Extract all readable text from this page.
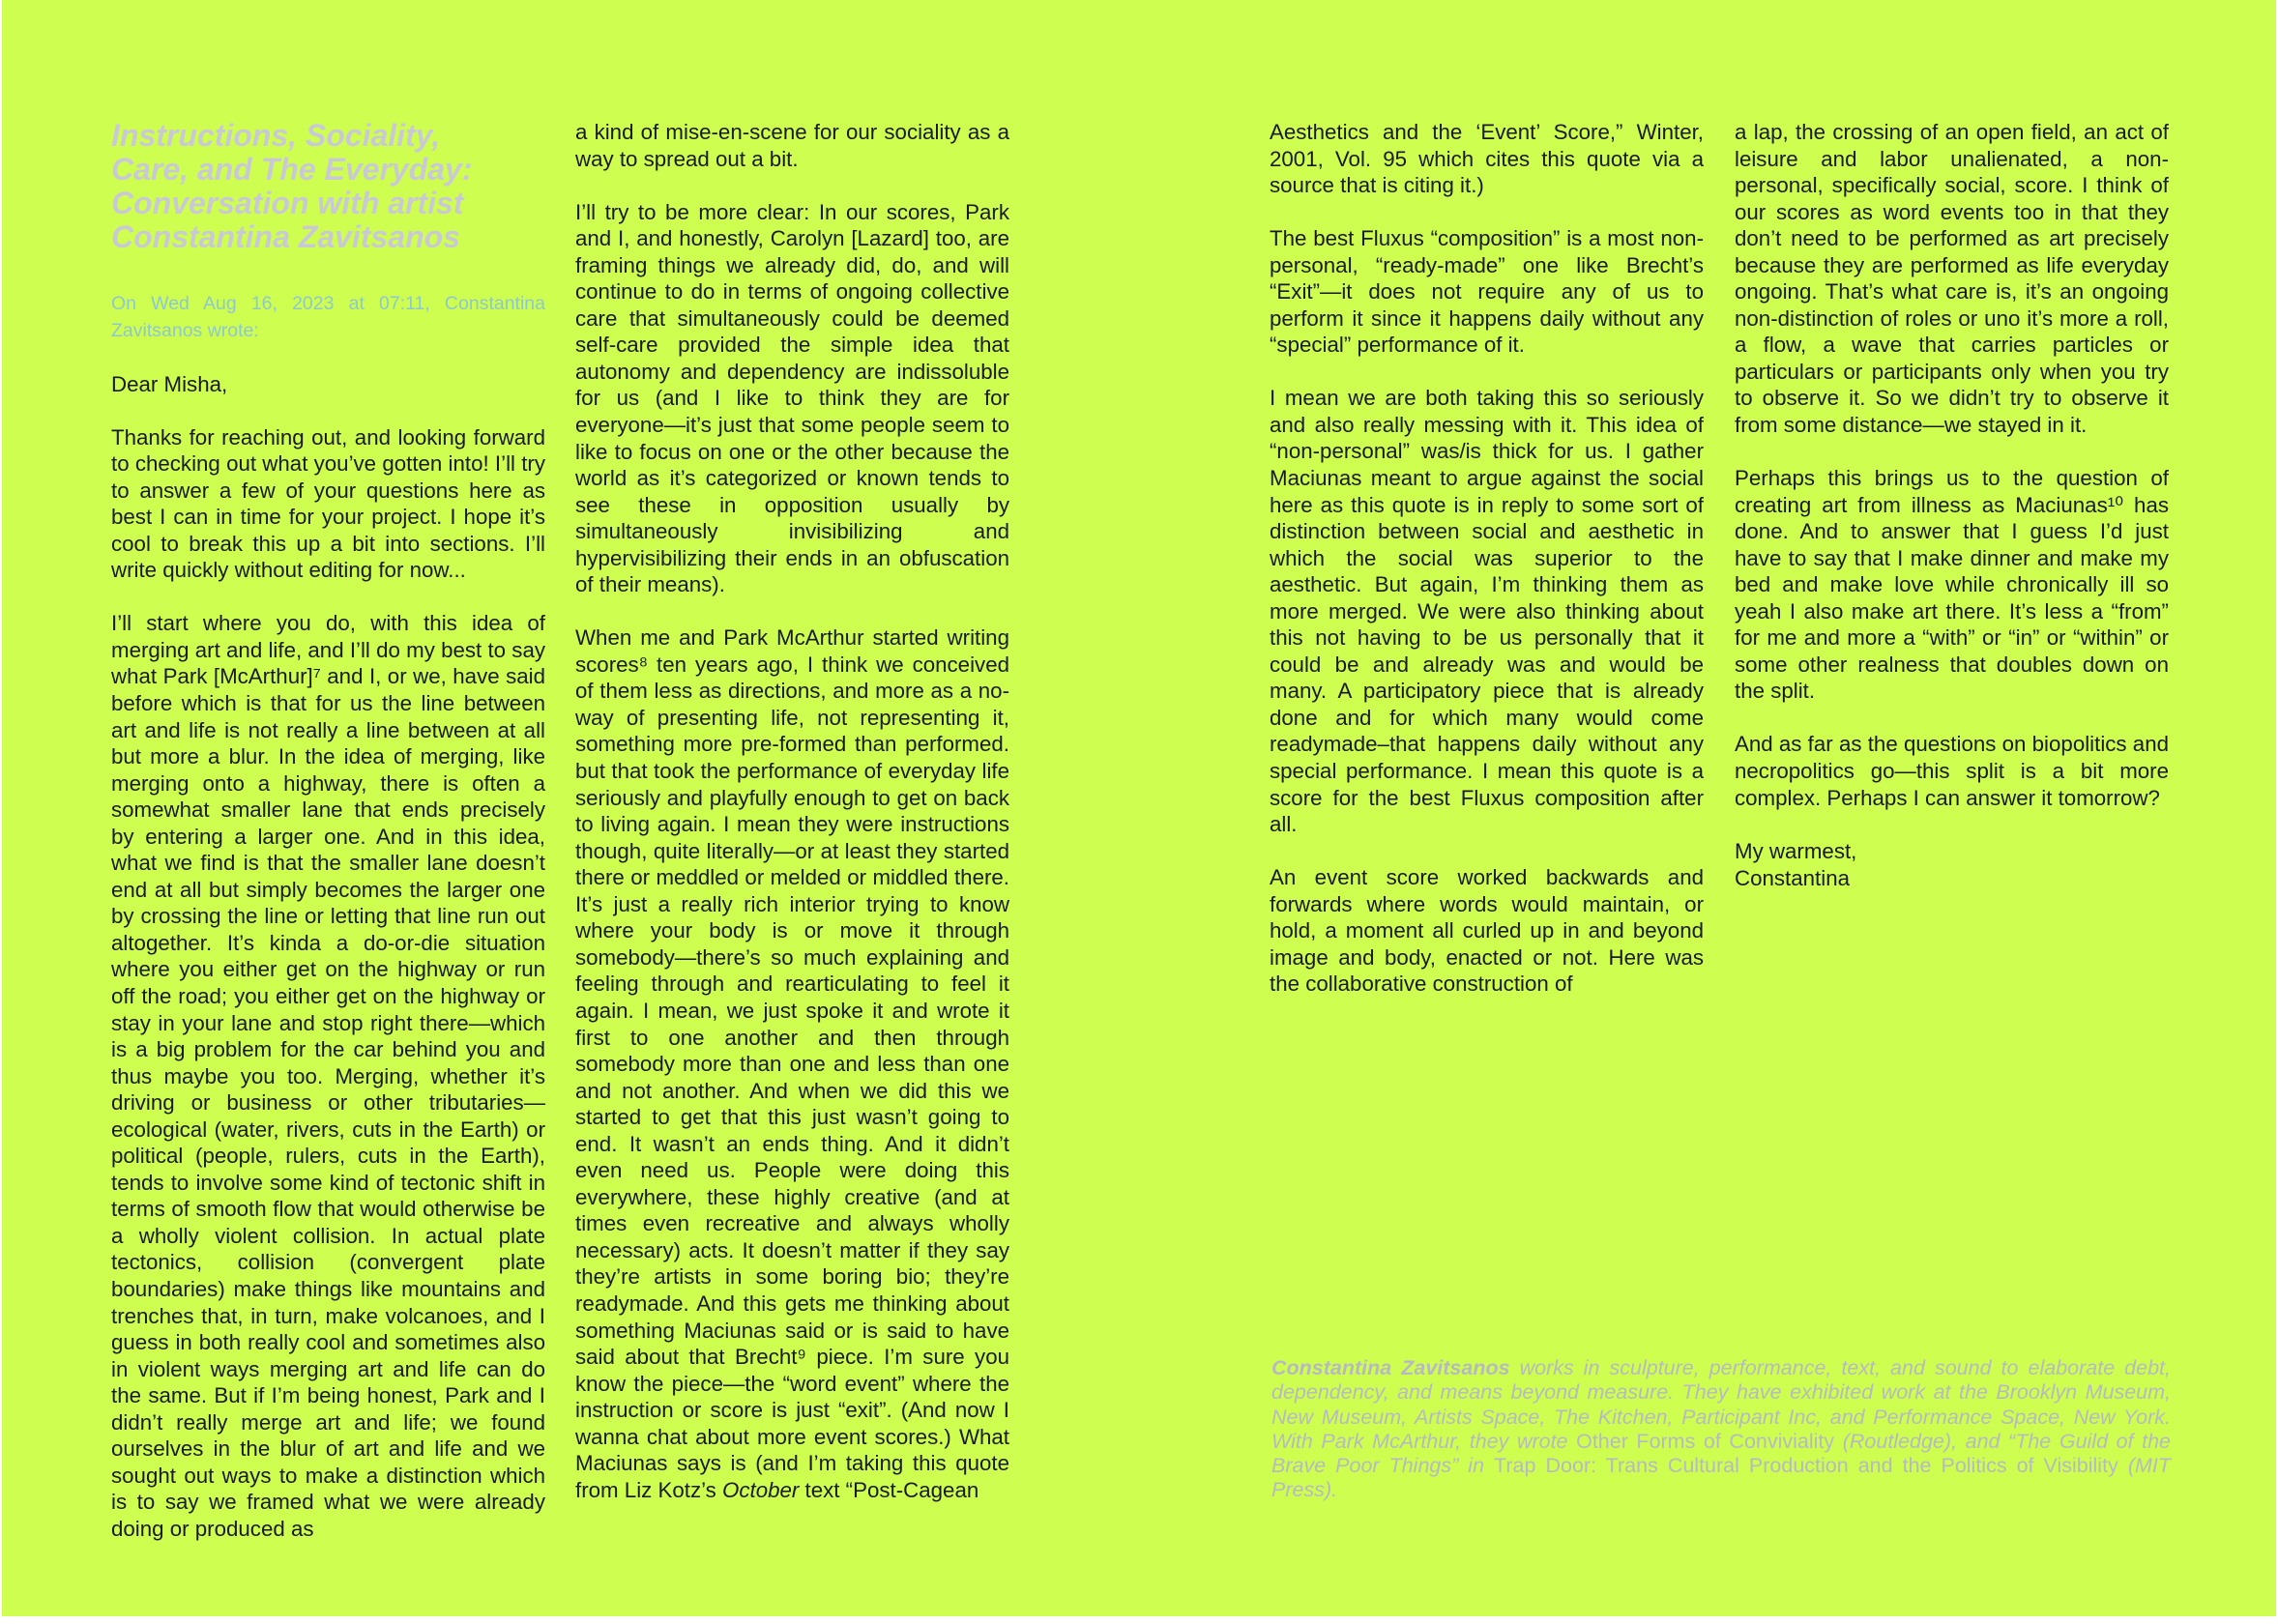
Instructions, Sociality,
Care, and The Everyday:
Conversation with artist
Constantina Zavitsanos

On Wed Aug 16, 2023 at 07:11, Constantina Zavitsanos wrote:

Dear Misha,

Thanks for reaching out, and looking forward to checking out what you’ve gotten into! I’ll try to answer a few of your questions here as best I can in time for your project. I hope it’s cool to break this up a bit into sections. I’ll write quickly without editing for now...

I’ll start where you do, with this idea of merging art and life, and I’ll do my best to say what Park [McArthur]⁷ and I, or we, have said before which is that for us the line between art and life is not really a line between at all but more a blur. In the idea of merging, like merging onto a highway, there is often a somewhat smaller lane that ends precisely by entering a larger one. And in this idea, what we find is that the smaller lane doesn’t end at all but simply becomes the larger one by crossing the line or letting that line run out altogether. It’s kinda a do-or-die situation where you either get on the highway or run off the road; you either get on the highway or stay in your lane and stop right there—which is a big problem for the car behind you and thus maybe you too. Merging, whether it’s driving or business or other tributaries—ecological (water, rivers, cuts in the Earth) or political (people, rulers, cuts in the Earth), tends to involve some kind of tectonic shift in terms of smooth flow that would otherwise be a wholly violent collision. In actual plate tectonics, collision (convergent plate boundaries) make things like mountains and trenches that, in turn, make volcanoes, and I guess in both really cool and sometimes also in violent ways merging art and life can do the same. But if I’m being honest, Park and I didn’t really merge art and life; we found ourselves in the blur of art and life and we sought out ways to make a distinction which is to say we framed what we were already doing or produced as

a kind of mise-en-scene for our sociality as a way to spread out a bit.

I’ll try to be more clear: In our scores, Park and I, and honestly, Carolyn [Lazard] too, are framing things we already did, do, and will continue to do in terms of ongoing collective care that simultaneously could be deemed self-care provided the simple idea that autonomy and dependency are indissoluble for us (and I like to think they are for everyone—it’s just that some people seem to like to focus on one or the other because the world as it’s categorized or known tends to see these in opposition usually by simultaneously invisibilizing and hypervisibilizing their ends in an obfuscation of their means).

When me and Park McArthur started writing scores⁸ ten years ago, I think we conceived of them less as directions, and more as a no-way of presenting life, not representing it, something more pre-formed than performed. but that took the performance of everyday life seriously and playfully enough to get on back to living again. I mean they were instructions though, quite literally—or at least they started there or meddled or melded or middled there. It’s just a really rich interior trying to know where your body is or move it through somebody—there’s so much explaining and feeling through and rearticulating to feel it again. I mean, we just spoke it and wrote it first to one another and then through somebody more than one and less than one and not another. And when we did this we started to get that this just wasn’t going to end. It wasn’t an ends thing. And it didn’t even need us. People were doing this everywhere, these highly creative (and at times even recreative and always wholly necessary) acts. It doesn’t matter if they say they’re artists in some boring bio; they’re readymade. And this gets me thinking about something Maciunas said or is said to have said about that Brecht⁹ piece. I’m sure you know the piece—the “word event” where the instruction or score is just “exit”. (And now I wanna chat about more event scores.) What Maciunas says is (and I’m taking this quote from Liz Kotz’s October text “Post-Cagean

Aesthetics and the ‘Event’ Score,” Winter, 2001, Vol. 95 which cites this quote via a source that is citing it.)

The best Fluxus “composition” is a most non-personal, “ready-made” one like Brecht’s “Exit”—it does not require any of us to perform it since it happens daily without any “special” performance of it.

I mean we are both taking this so seriously and also really messing with it. This idea of “non-personal” was/is thick for us. I gather Maciunas meant to argue against the social here as this quote is in reply to some sort of distinction between social and aesthetic in which the social was superior to the aesthetic. But again, I’m thinking them as more merged. We were also thinking about this not having to be us personally that it could be and already was and would be many. A participatory piece that is already done and for which many would come readymade–that happens daily without any special performance. I mean this quote is a score for the best Fluxus composition after all.

An event score worked backwards and forwards where words would maintain, or hold, a moment all curled up in and beyond image and body, enacted or not. Here was the collaborative construction of

a lap, the crossing of an open field, an act of leisure and labor unalienated, a non-personal, specifically social, score. I think of our scores as word events too in that they don’t need to be performed as art precisely because they are performed as life everyday ongoing. That’s what care is, it’s an ongoing non-distinction of roles or uno it’s more a roll, a flow, a wave that carries particles or particulars or participants only when you try to observe it. So we didn’t try to observe it from some distance—we stayed in it.

Perhaps this brings us to the question of creating art from illness as Maciunas¹⁰ has done. And to answer that I guess I’d just have to say that I make dinner and make my bed and make love while chronically ill so yeah I also make art there. It’s less a “from” for me and more a “with” or “in” or “within” or some other realness that doubles down on the split.

And as far as the questions on biopolitics and necropolitics go—this split is a bit more complex. Perhaps I can answer it tomorrow?

My warmest,
Constantina
Constantina Zavitsanos works in sculpture, performance, text, and sound to elaborate debt, dependency, and means beyond measure. They have exhibited work at the Brooklyn Museum, New Museum, Artists Space, The Kitchen, Participant Inc, and Performance Space, New York. With Park McArthur, they wrote Other Forms of Conviviality (Routledge), and “The Guild of the Brave Poor Things” in Trap Door: Trans Cultural Production and the Politics of Visibility (MIT Press).
